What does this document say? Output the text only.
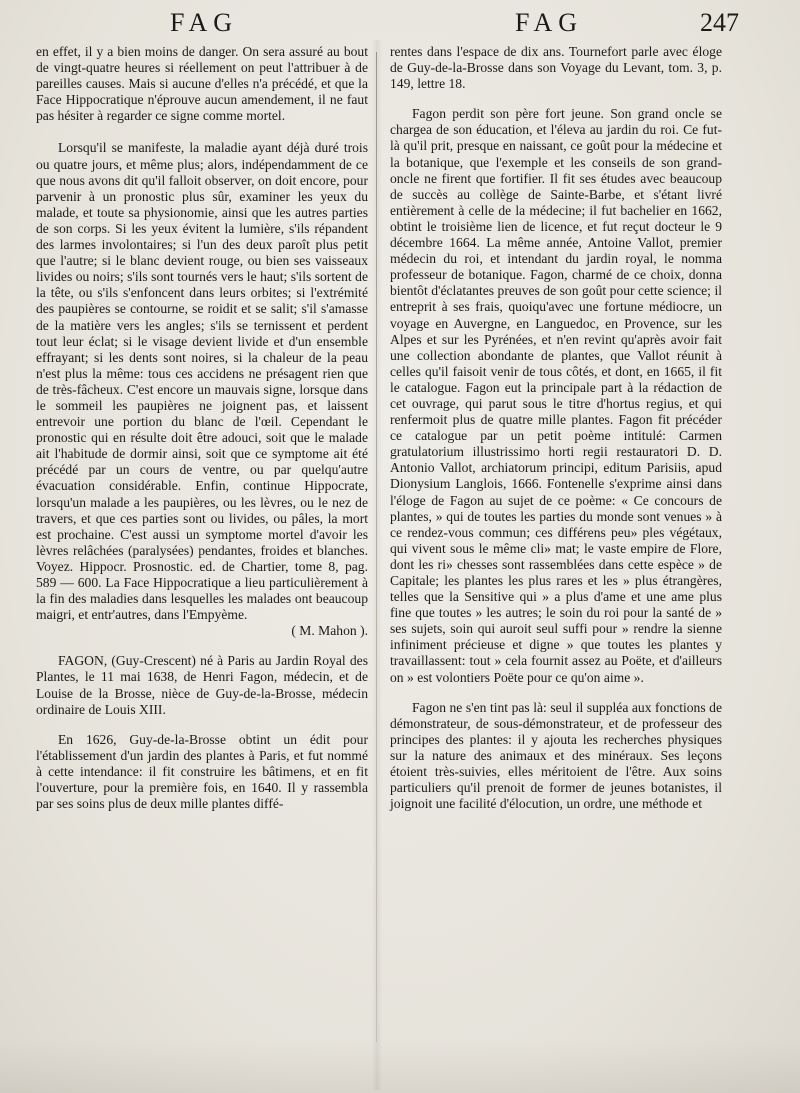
FAG	FAG	247

en effet, il y a bien moins de danger. On sera assuré au bout de vingt-quatre heures si réellement on peut l'attribuer à de pareilles causes. Mais si aucune d'elles n'a précédé, et que la Face Hippocratique n'éprouve aucun amendement, il ne faut pas hésiter à regarder ce signe comme mortel.

Lorsqu'il se manifeste, la maladie ayant déjà duré trois ou quatre jours, et même plus; alors, indépendamment de ce que nous avons dit qu'il falloit observer, on doit encore, pour parvenir à un pronostic plus sûr, examiner les yeux du malade, et toute sa physionomie, ainsi que les autres parties de son corps. Si les yeux évitent la lumière, s'ils répandent des larmes involontaires; si l'un des deux paroît plus petit que l'autre; si le blanc devient rouge, ou bien ses vaisseaux livides ou noirs; s'ils sont tournés vers le haut; s'ils sortent de la tête, ou s'ils s'enfoncent dans leurs orbites; si l'extrémité des paupières se contourne, se roidit et se salit; s'il s'amasse de la matière vers les angles; s'ils se ternissent et perdent tout leur éclat; si le visage devient livide et d'un ensemble effrayant; si les dents sont noires, si la chaleur de la peau n'est plus la même: tous ces accidens ne présagent rien que de très-fâcheux. C'est encore un mauvais signe, lorsque dans le sommeil les paupières ne joignent pas, et laissent entrevoir une portion du blanc de l'œil. Cependant le pronostic qui en résulte doit être adouci, soit que le malade ait l'habitude de dormir ainsi, soit que ce symptome ait été précédé par un cours de ventre, ou par quelqu'autre évacuation considérable. Enfin, continue Hippocrate, lorsqu'un malade a les paupières, ou les lèvres, ou le nez de travers, et que ces parties sont ou livides, ou pâles, la mort est prochaine. C'est aussi un symptome mortel d'avoir les lèvres relâchées (paralysées) pendantes, froides et blanches. Voyez. Hippocr. Prosnostic. ed. de Chartier, tome 8, pag. 589 — 600. La Face Hippocratique a lieu particulièrement à la fin des maladies dans lesquelles les malades ont beaucoup maigri, et entr'autres, dans l'Empyème.

( M. Mahon ).

FAGON, (Guy-Crescent) né à Paris au Jardin Royal des Plantes, le 11 mai 1638, de Henri Fagon, médecin, et de Louise de la Brosse, nièce de Guy-de-la-Brosse, médecin ordinaire de Louis XIII.

En 1626, Guy-de-la-Brosse obtint un édit pour l'établissement d'un jardin des plantes à Paris, et fut nommé à cette intendance: il fit construire les bâtimens, et en fit l'ouverture, pour la première fois, en 1640. Il y rassembla par ses soins plus de deux mille plantes diffé-

rentes dans l'espace de dix ans. Tournefort parle avec éloge de Guy-de-la-Brosse dans son Voyage du Levant, tom. 3, p. 149, lettre 18.

Fagon perdit son père fort jeune. Son grand oncle se chargea de son éducation, et l'éleva au jardin du roi. Ce fut-là qu'il prit, presque en naissant, ce goût pour la médecine et la botanique, que l'exemple et les conseils de son grand-oncle ne firent que fortifier. Il fit ses études avec beaucoup de succès au collège de Sainte-Barbe, et s'étant livré entièrement à celle de la médecine; il fut bachelier en 1662, obtint le troisième lien de licence, et fut reçut docteur le 9 décembre 1664. La même année, Antoine Vallot, premier médecin du roi, et intendant du jardin royal, le nomma professeur de botanique. Fagon, charmé de ce choix, donna bientôt d'éclatantes preuves de son goût pour cette science; il entreprit à ses frais, quoiqu'avec une fortune médiocre, un voyage en Auvergne, en Languedoc, en Provence, sur les Alpes et sur les Pyrénées, et n'en revint qu'après avoir fait une collection abondante de plantes, que Vallot réunit à celles qu'il faisoit venir de tous côtés, et dont, en 1665, il fit le catalogue. Fagon eut la principale part à la rédaction de cet ouvrage, qui parut sous le titre d'hortus regius, et qui renfermoit plus de quatre mille plantes. Fagon fit précéder ce catalogue par un petit poème intitulé: Carmen gratulatorium illustrissimo horti regii restauratori D. D. Antonio Vallot, archiatorum principi, editum Parisiis, apud Dionysium Langlois, 1666. Fontenelle s'exprime ainsi dans l'éloge de Fagon au sujet de ce poème: « Ce concours de plantes, » qui de toutes les parties du monde sont venues » à ce rendez-vous commun; ces différens peu» ples végétaux, qui vivent sous le même cli» mat; le vaste empire de Flore, dont les ri» chesses sont rassemblées dans cette espèce » de Capitale; les plantes les plus rares et les » plus étrangères, telles que la Sensitive qui » a plus d'ame et une ame plus fine que toutes » les autres; le soin du roi pour la santé de » ses sujets, soin qui auroit seul suffi pour » rendre la sienne infiniment précieuse et digne » que toutes les plantes y travaillassent: tout » cela fournit assez au Poëte, et d'ailleurs on » est volontiers Poëte pour ce qu'on aime ».

Fagon ne s'en tint pas là: seul il suppléa aux fonctions de démonstrateur, de sous-démonstrateur, et de professeur des principes des plantes: il y ajouta les recherches physiques sur la nature des animaux et des minéraux. Ses leçons étoient très-suivies, elles méritoient de l'être. Aux soins particuliers qu'il prenoit de former de jeunes botanistes, il joignoit une facilité d'élocution, un ordre, une méthode et
